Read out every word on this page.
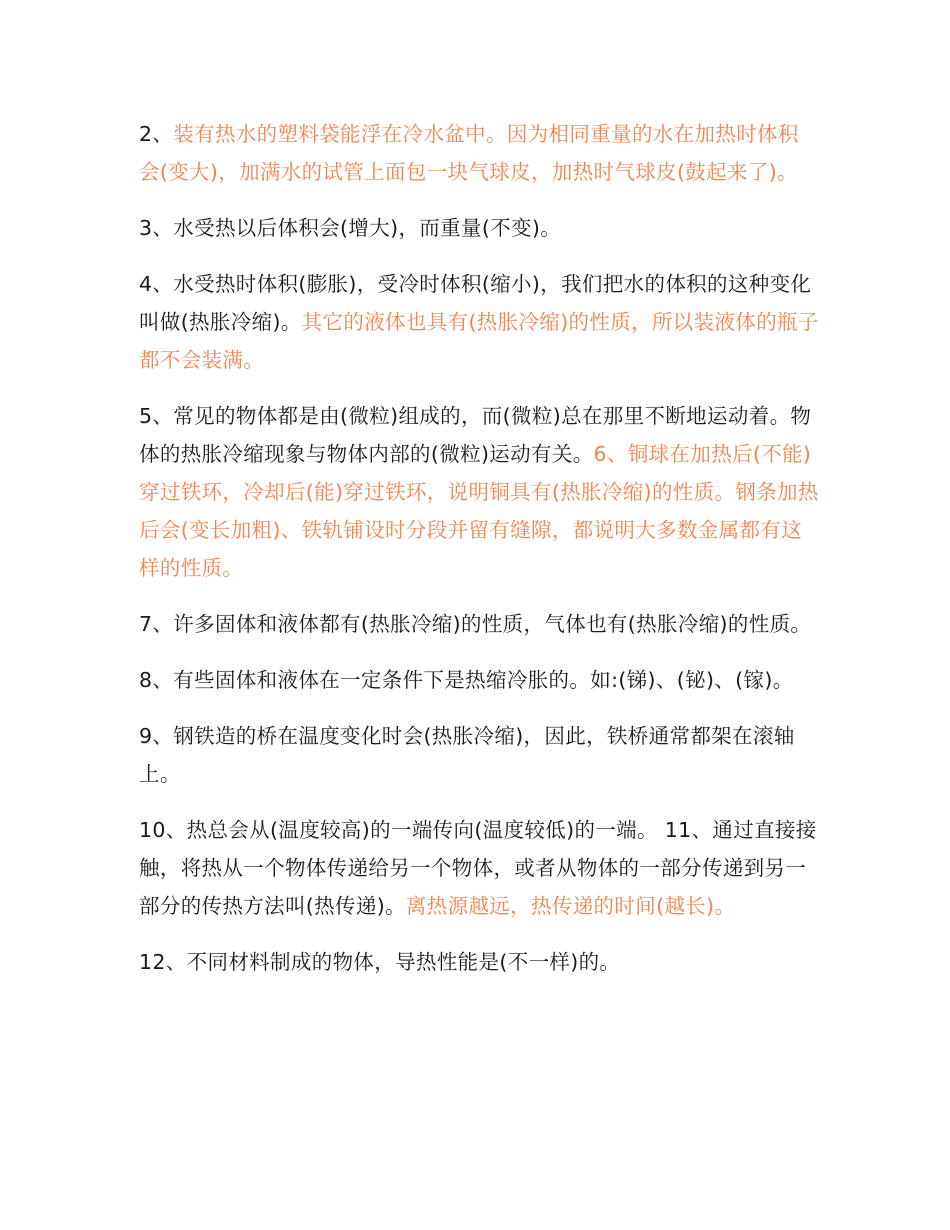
2、装有热水的塑料袋能浮在冷水盆中。因为相同重量的水在加热时体积会(变大)，加满水的试管上面包一块气球皮，加热时气球皮(鼓起来了)。

3、水受热以后体积会(增大)，而重量(不变)。

4、水受热时体积(膨胀)，受冷时体积(缩小)，我们把水的体积的这种变化叫做(热胀冷缩)。其它的液体也具有(热胀冷缩)的性质，所以装液体的瓶子都不会装满。

5、常见的物体都是由(微粒)组成的，而(微粒)总在那里不断地运动着。物体的热胀冷缩现象与物体内部的(微粒)运动有关。6、铜球在加热后(不能)穿过铁环，冷却后(能)穿过铁环，说明铜具有(热胀冷缩)的性质。钢条加热后会(变长加粗)、铁轨铺设时分段并留有缝隙，都说明大多数金属都有这样的性质。

7、许多固体和液体都有(热胀冷缩)的性质，气体也有(热胀冷缩)的性质。

8、有些固体和液体在一定条件下是热缩冷胀的。如:(锑)、(铋)、(镓)。

9、钢铁造的桥在温度变化时会(热胀冷缩)，因此，铁桥通常都架在滚轴上。

10、热总会从(温度较高)的一端传向(温度较低)的一端。 11、通过直接接触，将热从一个物体传递给另一个物体，或者从物体的一部分传递到另一部分的传热方法叫(热传递)。离热源越远，热传递的时间(越长)。

12、不同材料制成的物体，导热性能是(不一样)的。
